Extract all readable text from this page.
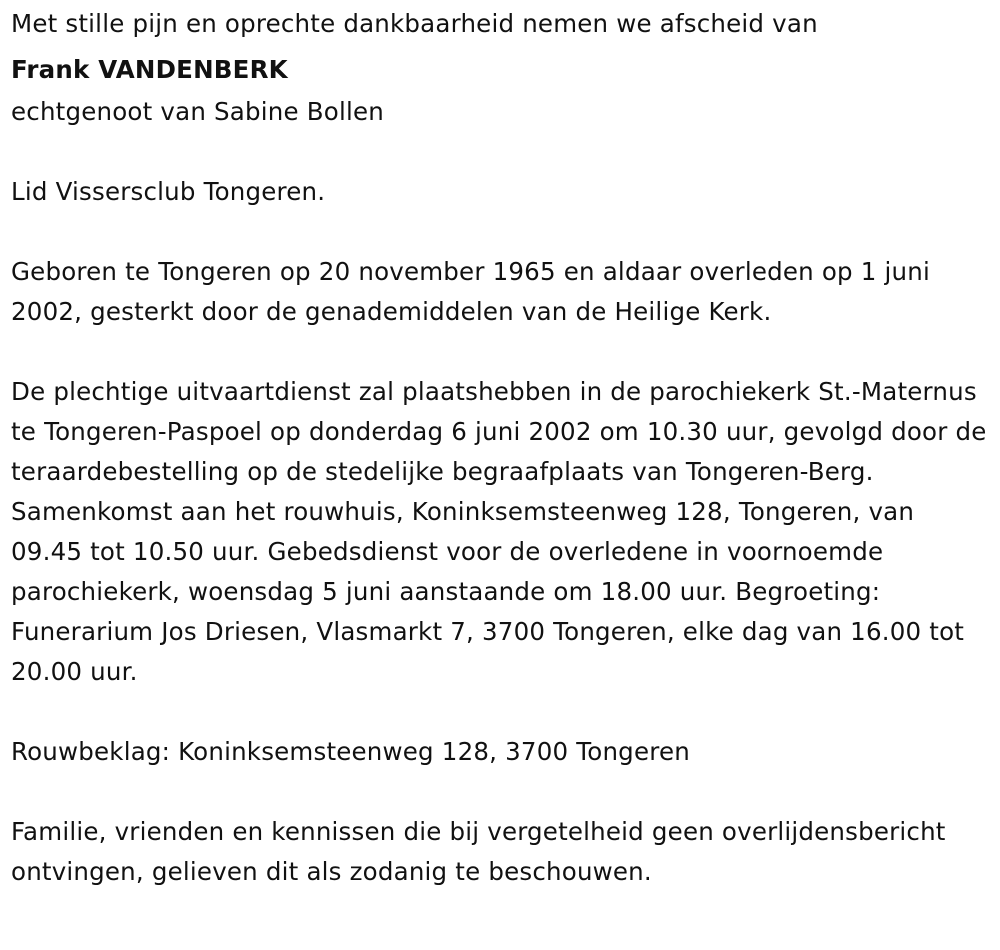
Met stille pijn en oprechte dankbaarheid nemen we afscheid van

Frank VANDENBERK

echtgenoot van Sabine Bollen

Lid Vissersclub Tongeren.

Geboren te Tongeren op 20 november 1965 en aldaar overleden op 1 juni 2002, gesterkt door de genademiddelen van de Heilige Kerk.

De plechtige uitvaartdienst zal plaatshebben in de parochiekerk St.-Maternus te Tongeren-Paspoel op donderdag 6 juni 2002 om 10.30 uur, gevolgd door de teraardebestelling op de stedelijke begraafplaats van Tongeren-Berg. Samenkomst aan het rouwhuis, Koninksemsteenweg 128, Tongeren, van 09.45 tot 10.50 uur. Gebedsdienst voor de overledene in voornoemde parochiekerk, woensdag 5 juni aanstaande om 18.00 uur. Begroeting: Funerarium Jos Driesen, Vlasmarkt 7, 3700 Tongeren, elke dag van 16.00 tot 20.00 uur.

Rouwbeklag: Koninksemsteenweg 128, 3700 Tongeren

Familie, vrienden en kennissen die bij vergetelheid geen overlijdensbericht ontvingen, gelieven dit als zodanig te beschouwen.
